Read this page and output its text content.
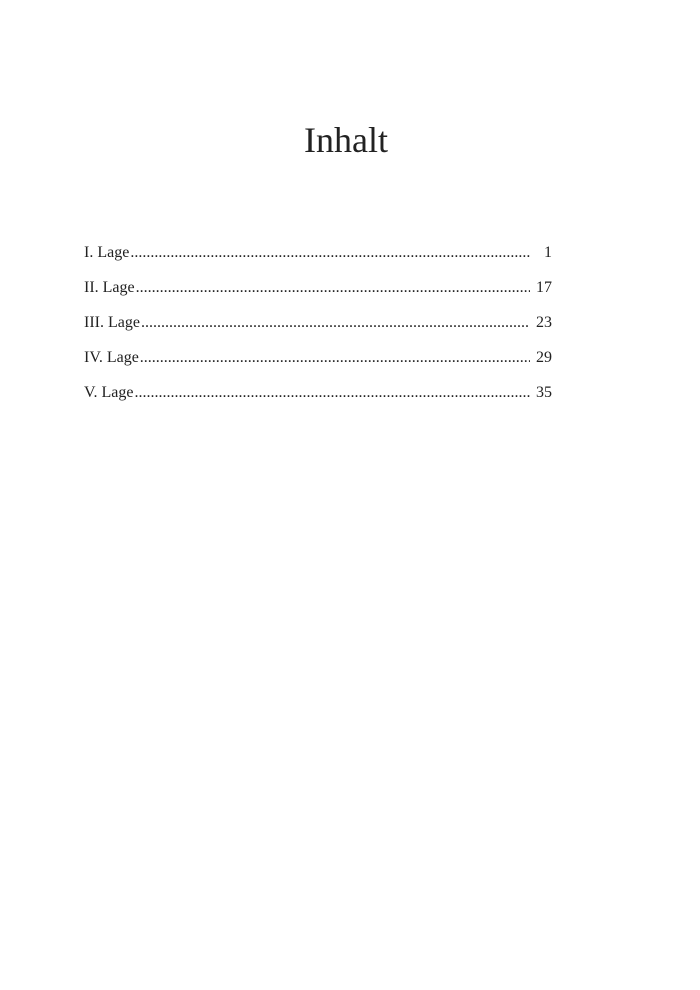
Inhalt
I. Lage .....	1
II. Lage .....	17
III. Lage .....	23
IV. Lage .....	29
V. Lage .....	35
